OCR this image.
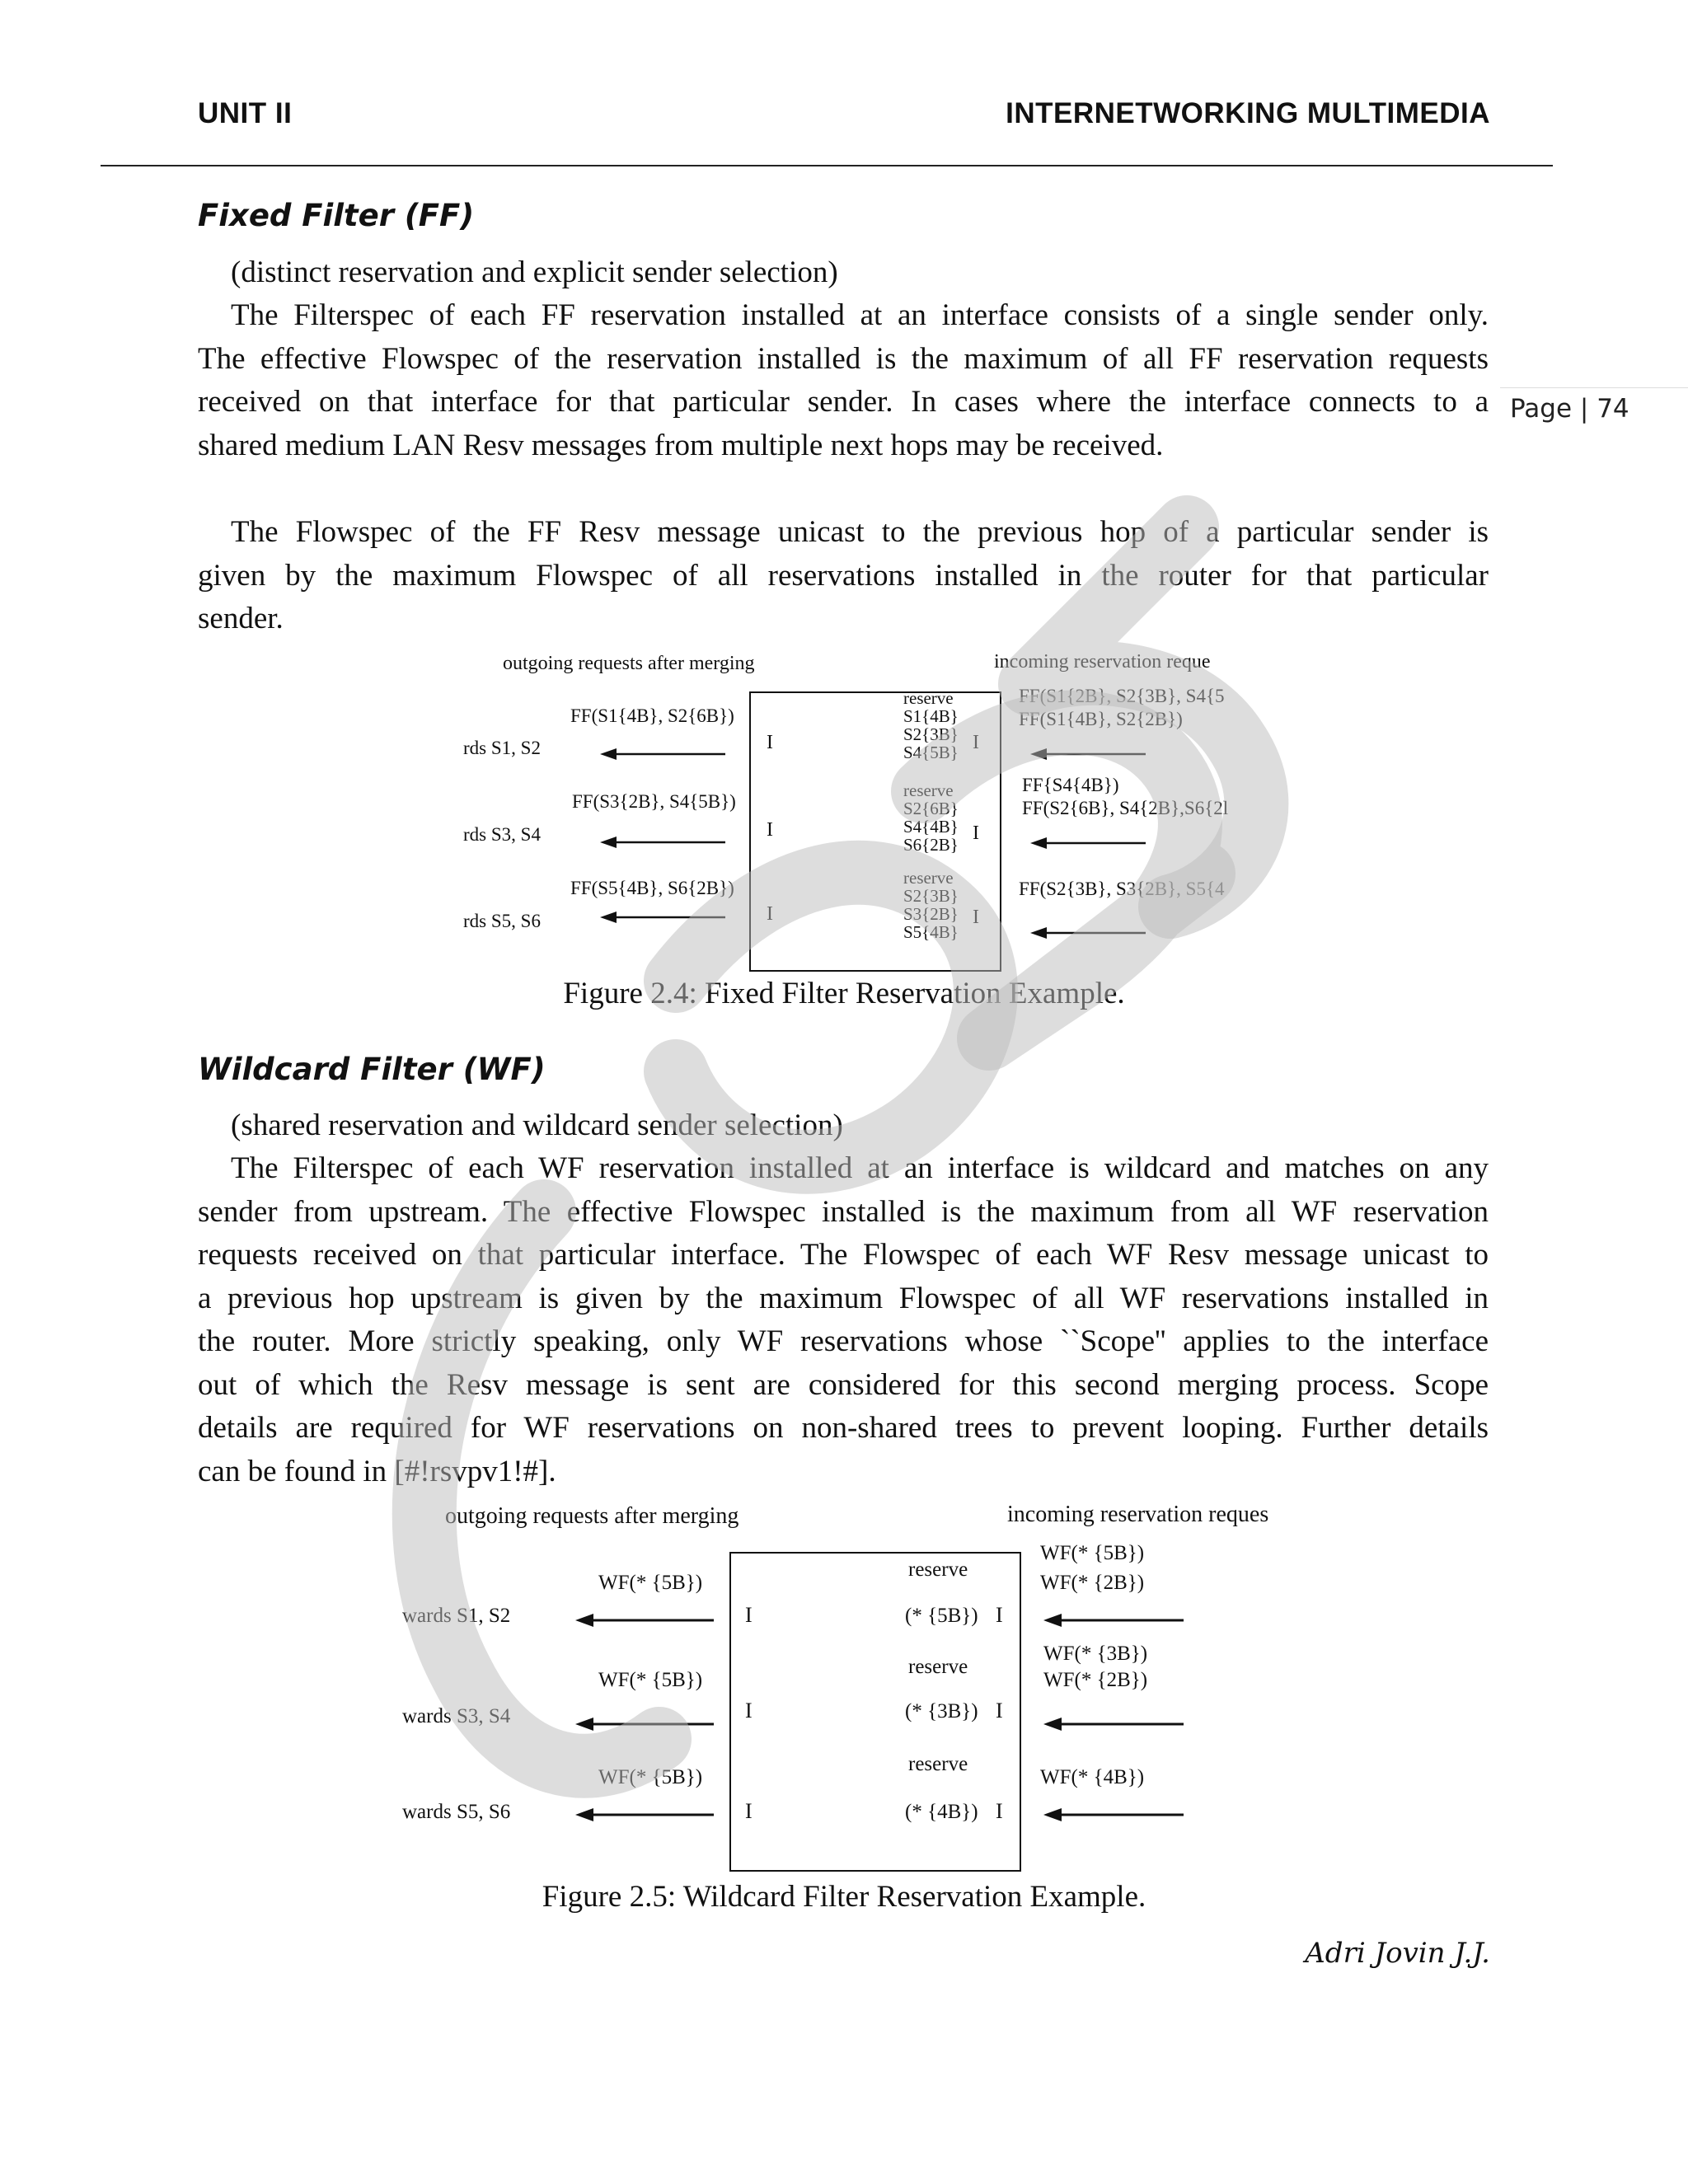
UNIT II	INTERNETWORKING MULTIMEDIA
Page | 74
Fixed Filter (FF)
(distinct reservation and explicit sender selection)
The Filterspec of each FF reservation installed at an interface consists of a single sender only.
The effective Flowspec of the reservation installed is the maximum of all FF reservation requests
received on that interface for that particular sender. In cases where the interface connects to a
shared medium LAN Resv messages from multiple next hops may be received.
The Flowspec of the FF Resv message unicast to the previous hop of a particular sender is
given by the maximum Flowspec of all reservations installed in the router for that particular
sender.
outgoing requests after merging	incoming reservation reque
FF(S1{4B}, S2{6B})
rds S1, S2	I
reserve
S1{4B}
S2{3B}
S4{5B} I
FF(S1{2B}, S2{3B}, S4{5
FF(S1{4B}, S2{2B})
FF(S3{2B}, S4{5B})
rds S3, S4	I
reserve
S2{6B}
S4{4B}
S6{2B}
I
FF{S4{4B})
FF(S2{6B}, S4{2B},S6{2l
FF(S5{4B}, S6{2B})
rds S5, S6	I
reserve
S2{3B}
S3{2B}
S5{4B}
I
FF(S2{3B}, S3{2B}, S5{4
Figure 2.4: Fixed Filter Reservation Example.
Wildcard Filter (WF)
(shared reservation and wildcard sender selection)
The Filterspec of each WF reservation installed at an interface is wildcard and matches on any
sender from upstream. The effective Flowspec installed is the maximum from all WF reservation
requests received on that particular interface. The Flowspec of each WF Resv message unicast to
a previous hop upstream is given by the maximum Flowspec of all WF reservations installed in
the router. More strictly speaking, only WF reservations whose ``Scope'' applies to the interface
out of which the Resv message is sent are considered for this second merging process. Scope
details are required for WF reservations on non-shared trees to prevent looping. Further details
can be found in [#!rsvpv1!#].
outgoing requests after merging	incoming reservation reques
WF(* {5B})
wards S1, S2	I
reserve
(* {5B}) I
WF(* {5B})
WF(* {2B})
WF(* {5B})
wards S3, S4	I
reserve
(* {3B}) I
WF(* {3B})
WF(* {2B})
WF(* {5B})
wards S5, S6	I
reserve
(* {4B}) I
WF(* {4B})
Figure 2.5: Wildcard Filter Reservation Example.
Adri Jovin J.J.
